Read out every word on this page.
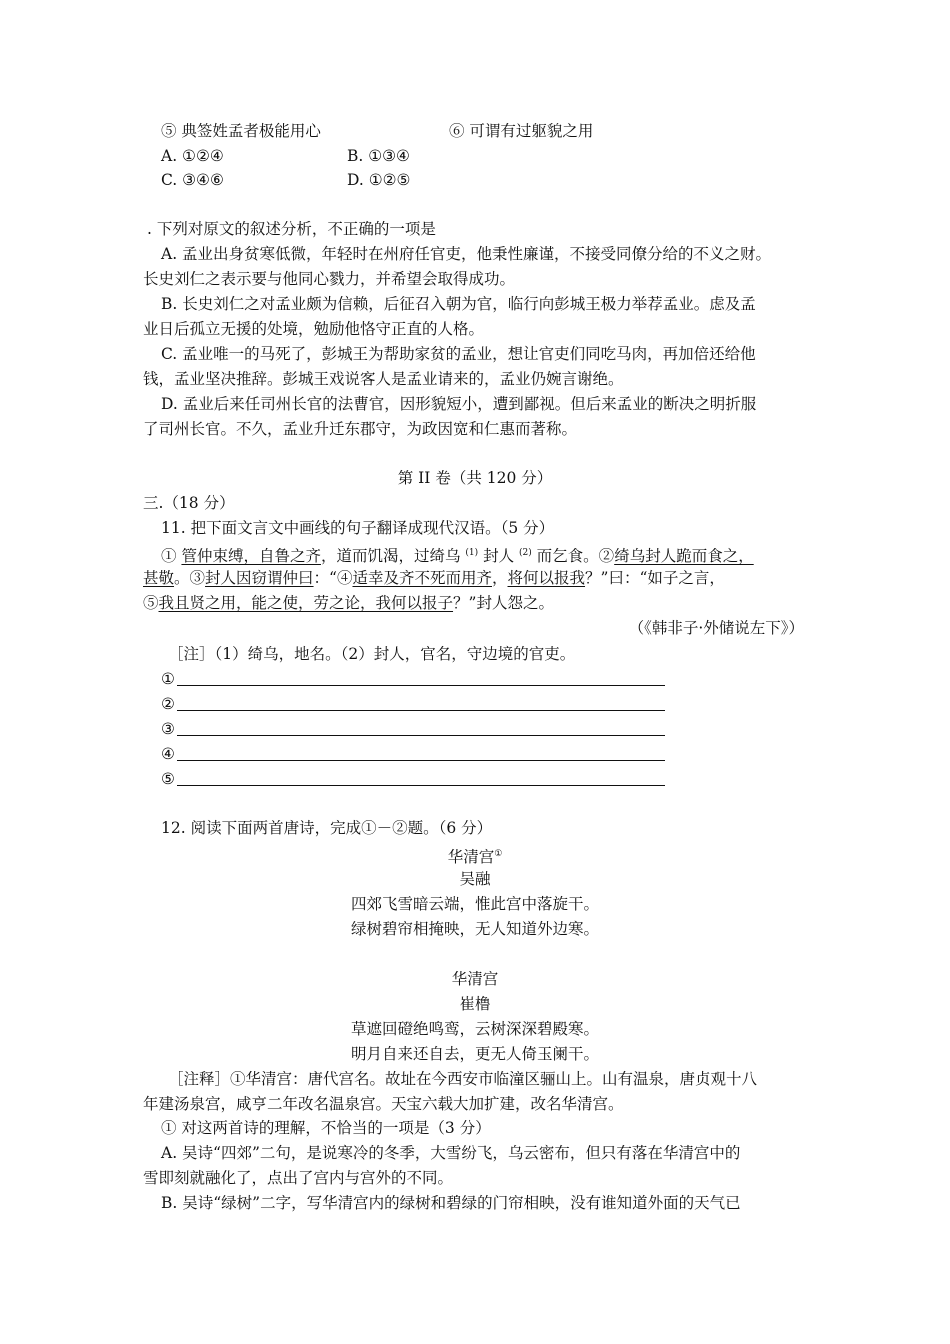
⑤ 典签姓孟者极能用心	⑥ 可谓有过躯貌之用
A. ①②④	B. ①③④
C. ③④⑥	D. ①②⑤
. 下列对原文的叙述分析，不正确的一项是
A. 孟业出身贫寒低微，年轻时在州府任官吏，他秉性廉谨，不接受同僚分给的不义之财。
长史刘仁之表示要与他同心戮力，并希望会取得成功。
B. 长史刘仁之对孟业颇为信赖，后征召入朝为官，临行向彭城王极力举荐孟业。虑及孟
业日后孤立无援的处境，勉励他恪守正直的人格。
C. 孟业唯一的马死了，彭城王为帮助家贫的孟业，想让官吏们同吃马肉，再加倍还给他
钱，孟业坚决推辞。彭城王戏说客人是孟业请来的，孟业仍婉言谢绝。
D. 孟业后来任司州长官的法曹官，因形貌短小，遭到鄙视。但后来孟业的断决之明折服
了司州长官。不久，孟业升迁东郡守，为政因宽和仁惠而著称。
第 II 卷（共 120 分）
三.（18 分）
11. 把下面文言文中画线的句子翻译成现代汉语。（5 分）
① 管仲束缚，自鲁之齐，道而饥渴，过绮乌 $^{(1)}$ 封人 $^{(2)}$ 而乞食。②绮乌封人跪而食之，
甚敬。③封人因窃谓仲曰：“④适幸及齐不死而用齐，将何以报我？”曰：“如子之言，
⑤我且贤之用，能之使，劳之论，我何以报子？”封人怨之。
（《韩非子·外储说左下》）
［注］（1）绮乌，地名。（2）封人，官名，守边境的官吏。
①
②
③
④
⑤
12. 阅读下面两首唐诗，完成①－②题。（6 分）
华清宫①
吴融
四郊飞雪暗云端，惟此宫中落旋干。
绿树碧帘相掩映，无人知道外边寒。
华清宫
崔橹
草遮回磴绝鸣鸾，云树深深碧殿寒。
明月自来还自去，更无人倚玉阑干。
［注释］①华清宫：唐代宫名。故址在今西安市临潼区骊山上。山有温泉，唐贞观十八
年建汤泉宫，咸亨二年改名温泉宫。天宝六载大加扩建，改名华清宫。
① 对这两首诗的理解，不恰当的一项是（3 分）
A. 吴诗“四郊”二句，是说寒冷的冬季，大雪纷飞，乌云密布，但只有落在华清宫中的
雪即刻就融化了，点出了宫内与宫外的不同。
B. 吴诗“绿树”二字，写华清宫内的绿树和碧绿的门帘相映，没有谁知道外面的天气已
